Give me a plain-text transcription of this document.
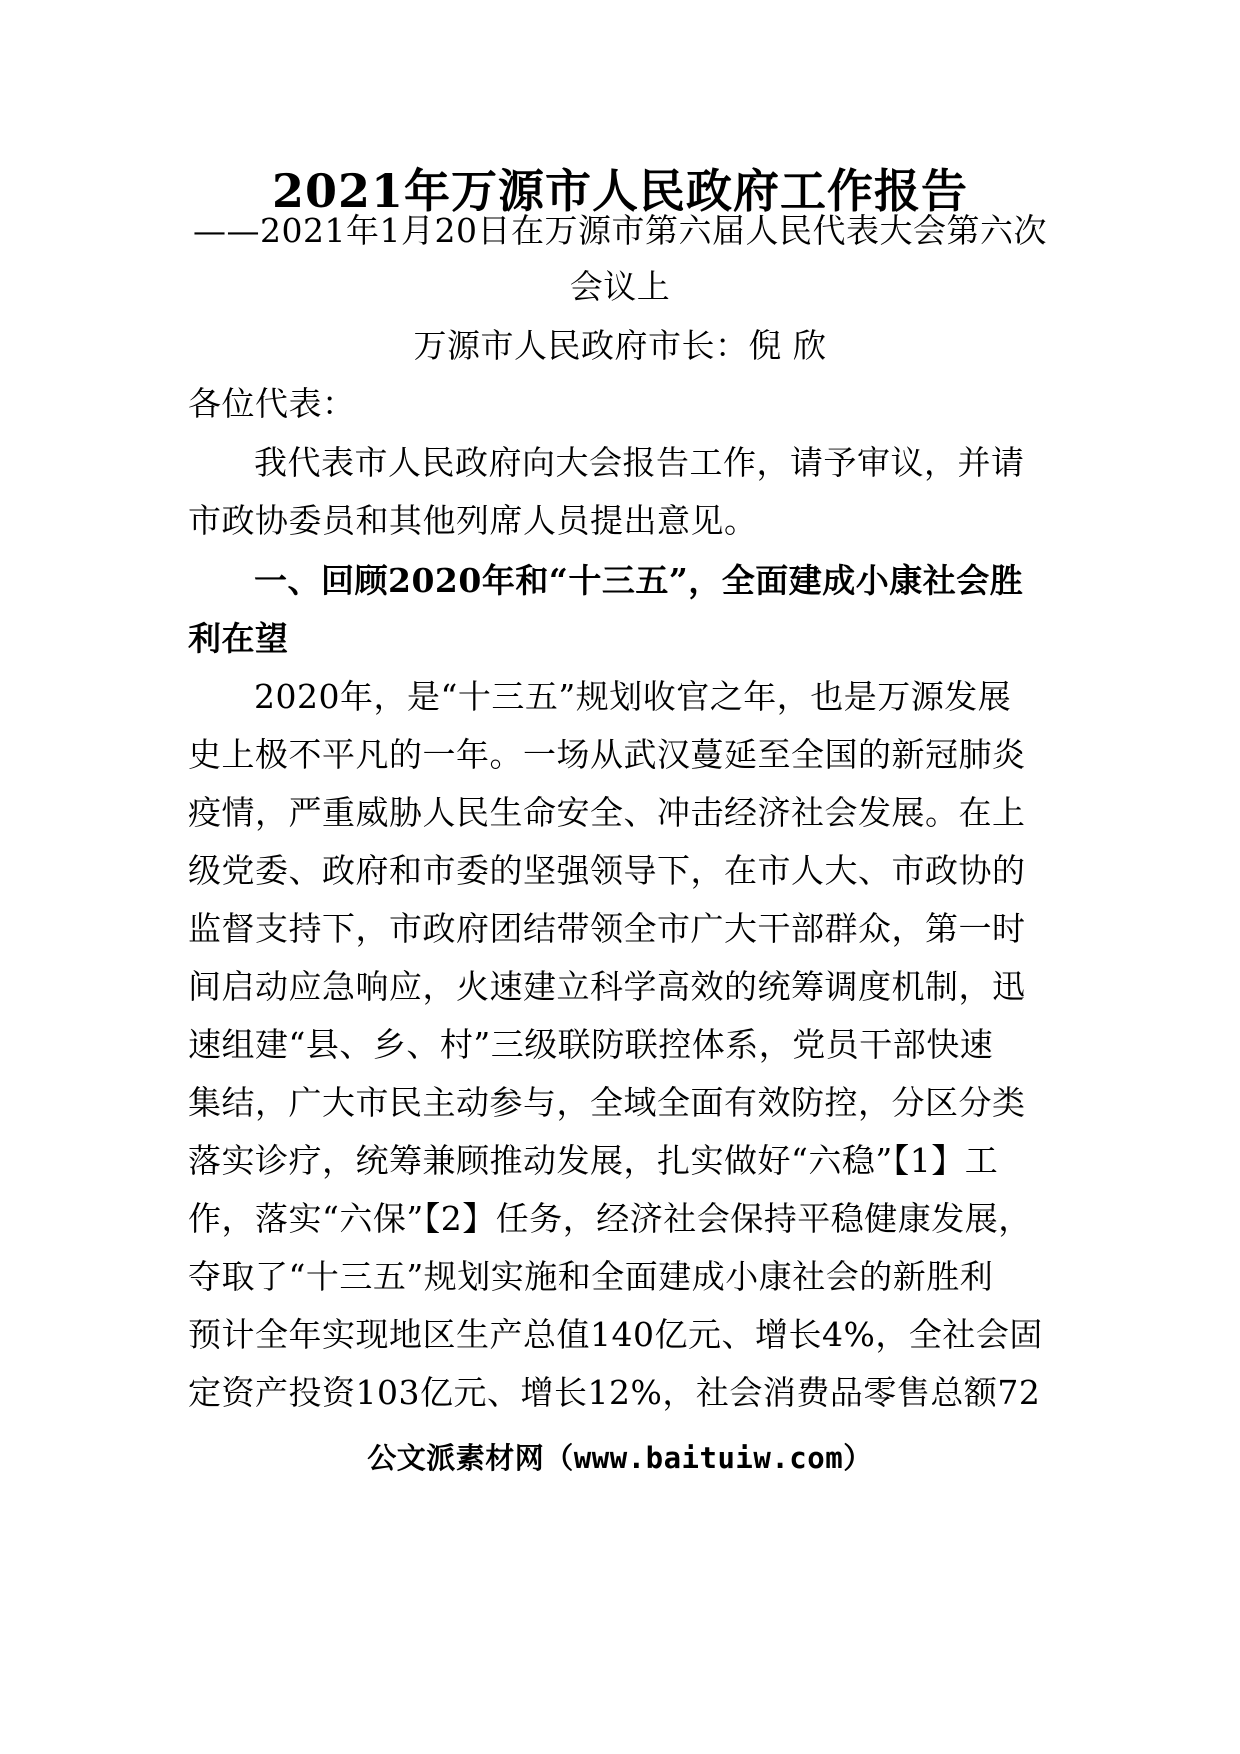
2021年万源市人民政府工作报告
——2021年1月20日在万源市第六届人民代表大会第六次
会议上
万源市人民政府市长：倪 欣
各位代表：
我代表市人民政府向大会报告工作，请予审议，并请
市政协委员和其他列席人员提出意见。
一、回顾2020年和“十三五”，全面建成小康社会胜
利在望
2020年，是“十三五”规划收官之年，也是万源发展
史上极不平凡的一年。一场从武汉蔓延至全国的新冠肺炎
疫情，严重威胁人民生命安全、冲击经济社会发展。在上
级党委、政府和市委的坚强领导下，在市人大、市政协的
监督支持下，市政府团结带领全市广大干部群众，第一时
间启动应急响应，火速建立科学高效的统筹调度机制，迅
速组建“县、乡、村”三级联防联控体系，党员干部快速
集结，广大市民主动参与，全域全面有效防控，分区分类
落实诊疗，统筹兼顾推动发展，扎实做好“六稳”【1】工
作，落实“六保”【2】任务，经济社会保持平稳健康发展，
夺取了“十三五”规划实施和全面建成小康社会的新胜利
预计全年实现地区生产总值140亿元、增长4%，全社会固
定资产投资103亿元、增长12%，社会消费品零售总额72
公文派素材网（www.baituiw.com）
